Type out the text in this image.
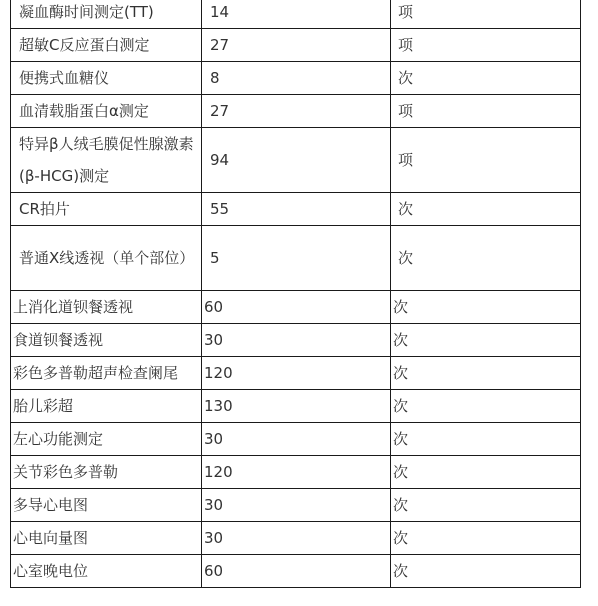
凝血酶时间测定(TT)	14	项
超敏C反应蛋白测定	27	项
便携式血糖仪	8	次
血清载脂蛋白α测定	27	项
特异β人绒毛膜促性腺激素(β-HCG)测定	94	项
CR拍片	55	次
普通X线透视（单个部位）	5	次
上消化道钡餐透视	60	次
食道钡餐透视	30	次
彩色多普勒超声检查阑尾	120	次
胎儿彩超	130	次
左心功能测定	30	次
关节彩色多普勒	120	次
多导心电图	30	次
心电向量图	30	次
心室晚电位	60	次
